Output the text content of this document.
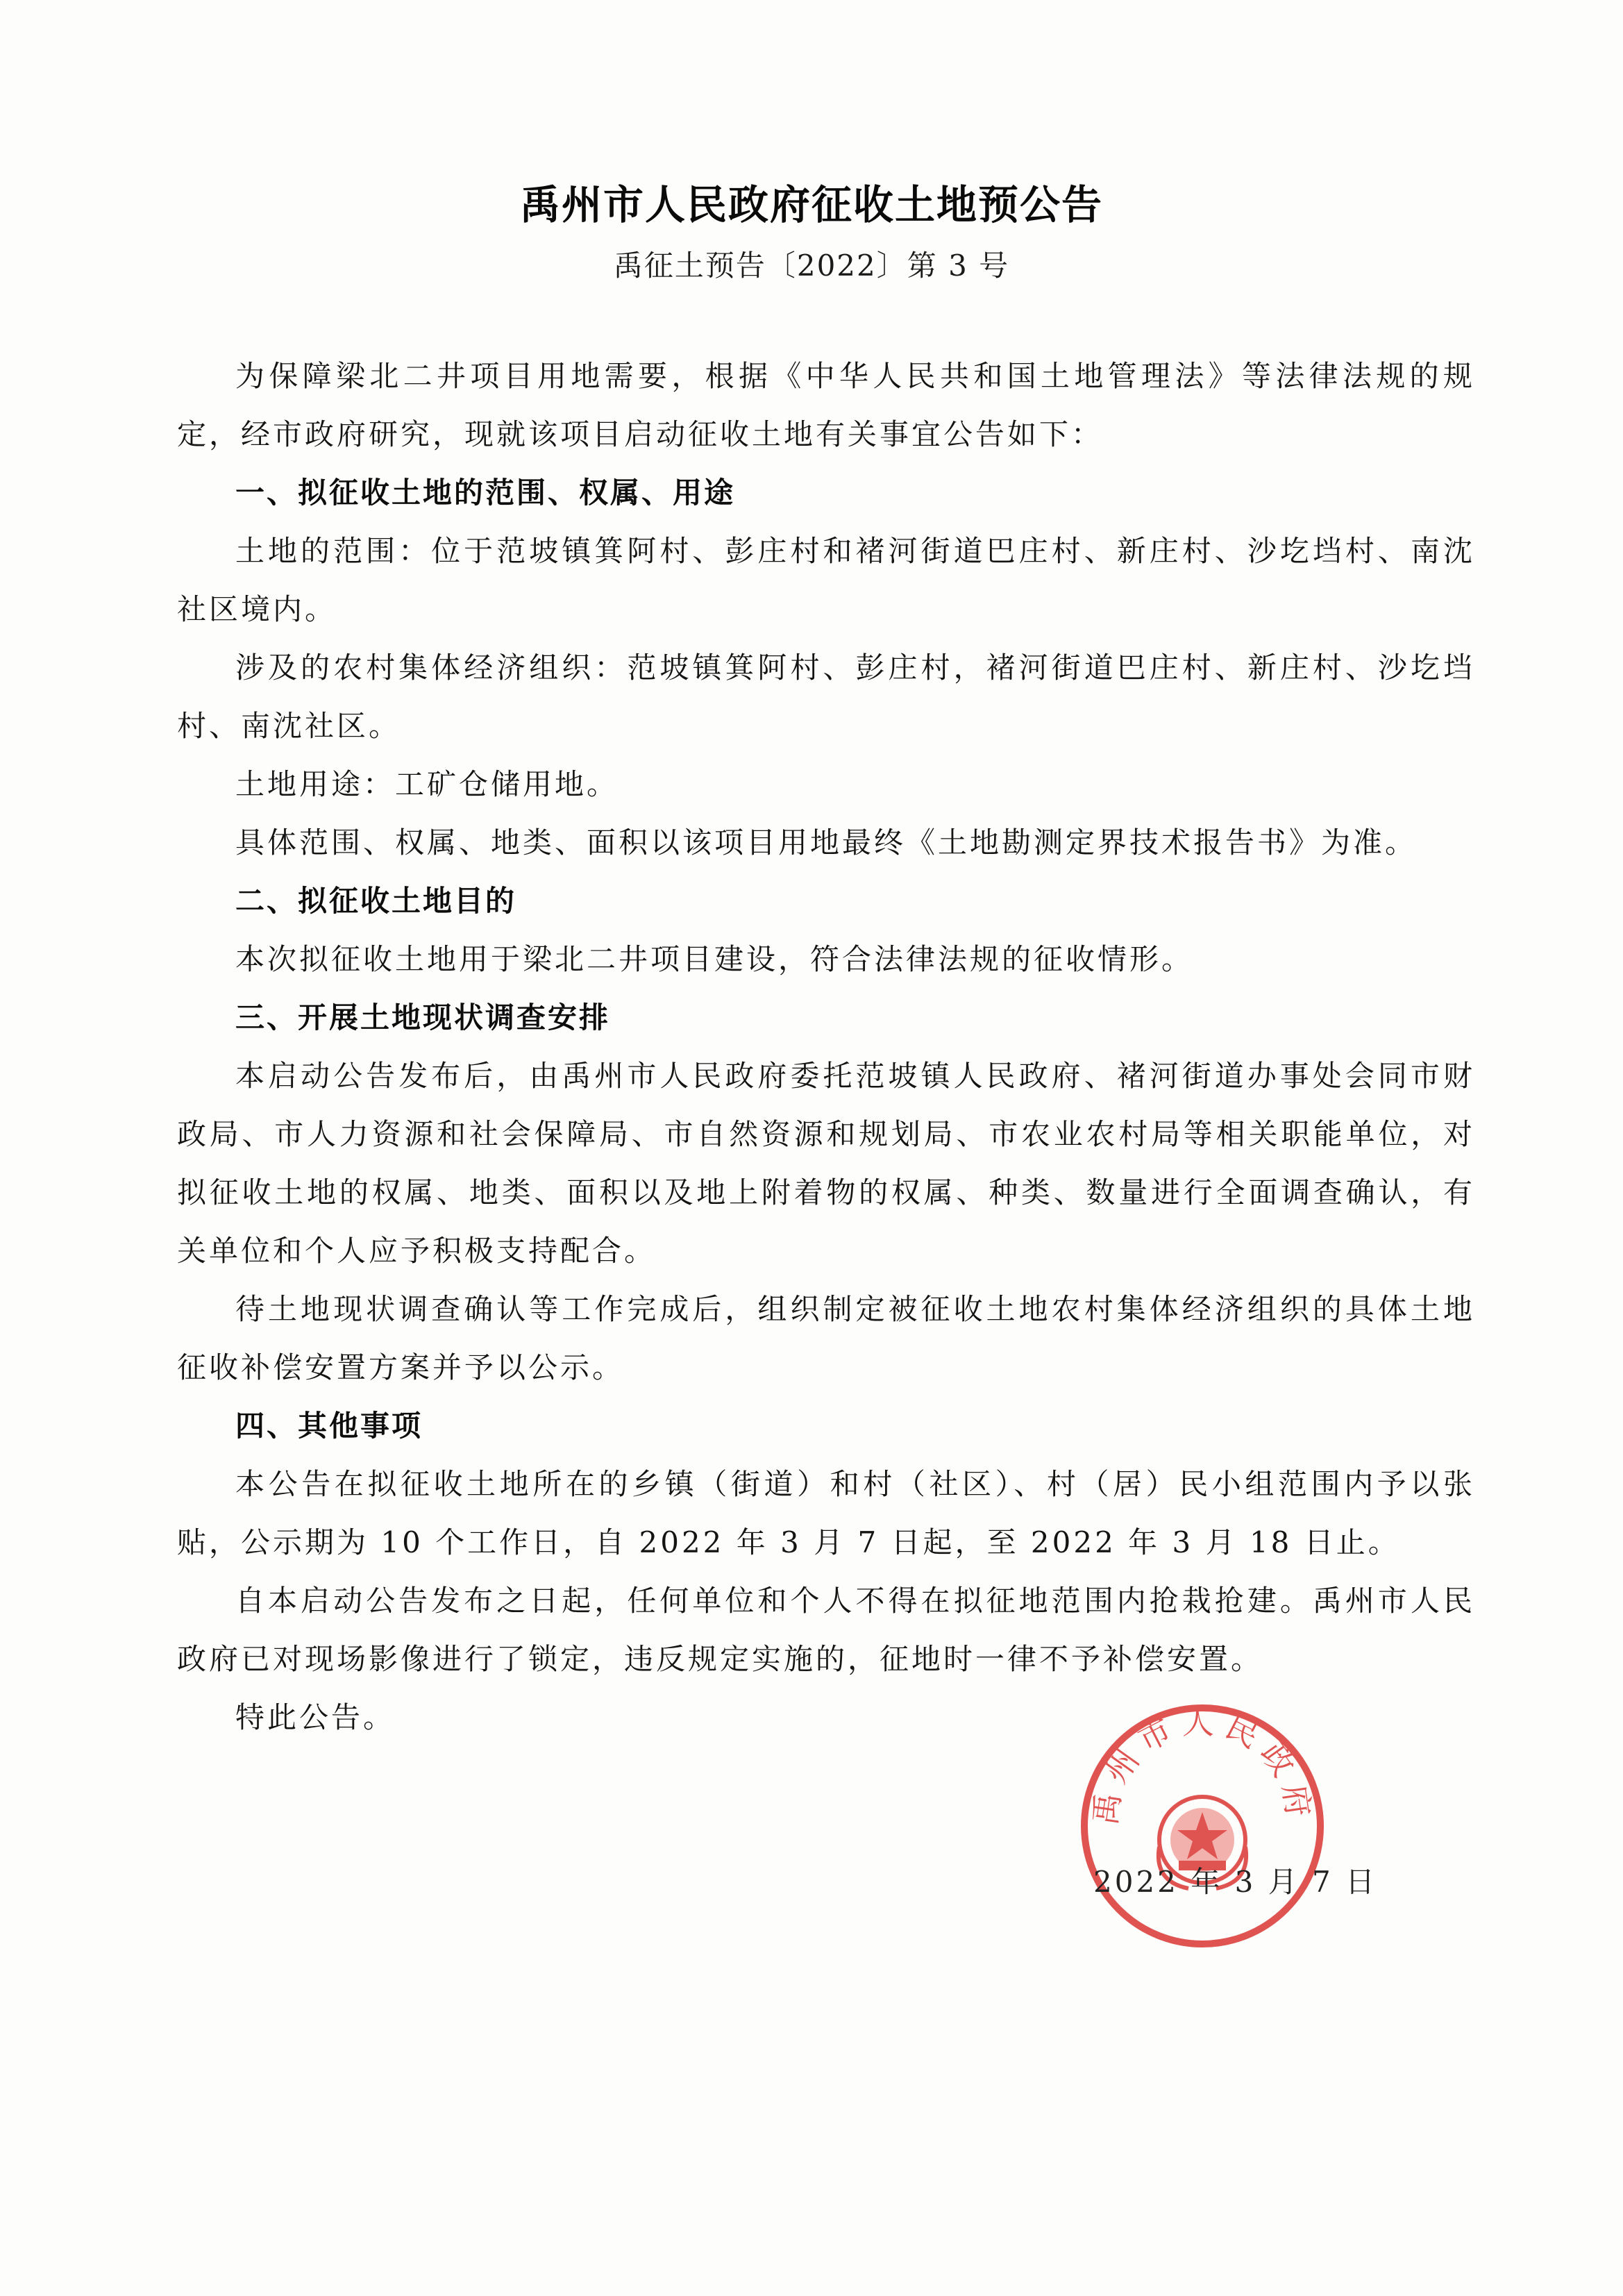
禹州市人民政府征收土地预公告
禹征土预告〔2022〕第 3 号

为保障梁北二井项目用地需要，根据《中华人民共和国土地管理法》等法律法规的规定，经市政府研究，现就该项目启动征收土地有关事宜公告如下：

一、拟征收土地的范围、权属、用途

土地的范围：位于范坡镇箕阿村、彭庄村和褚河街道巴庄村、新庄村、沙圪垱村、南沈社区境内。

涉及的农村集体经济组织：范坡镇箕阿村、彭庄村，褚河街道巴庄村、新庄村、沙圪垱村、南沈社区。

土地用途：工矿仓储用地。

具体范围、权属、地类、面积以该项目用地最终《土地勘测定界技术报告书》为准。

二、拟征收土地目的

本次拟征收土地用于梁北二井项目建设，符合法律法规的征收情形。

三、开展土地现状调查安排

本启动公告发布后，由禹州市人民政府委托范坡镇人民政府、褚河街道办事处会同市财政局、市人力资源和社会保障局、市自然资源和规划局、市农业农村局等相关职能单位，对拟征收土地的权属、地类、面积以及地上附着物的权属、种类、数量进行全面调查确认，有关单位和个人应予积极支持配合。

待土地现状调查确认等工作完成后，组织制定被征收土地农村集体经济组织的具体土地征收补偿安置方案并予以公示。

四、其他事项

本公告在拟征收土地所在的乡镇（街道）和村（社区）、村（居）民小组范围内予以张贴，公示期为 10 个工作日，自 2022 年 3 月 7 日起，至 2022 年 3 月 18 日止。

自本启动公告发布之日起，任何单位和个人不得在拟征地范围内抢栽抢建。禹州市人民政府已对现场影像进行了锁定，违反规定实施的，征地时一律不予补偿安置。

特此公告。

禹州市人民政府
2022 年 3 月 7 日
